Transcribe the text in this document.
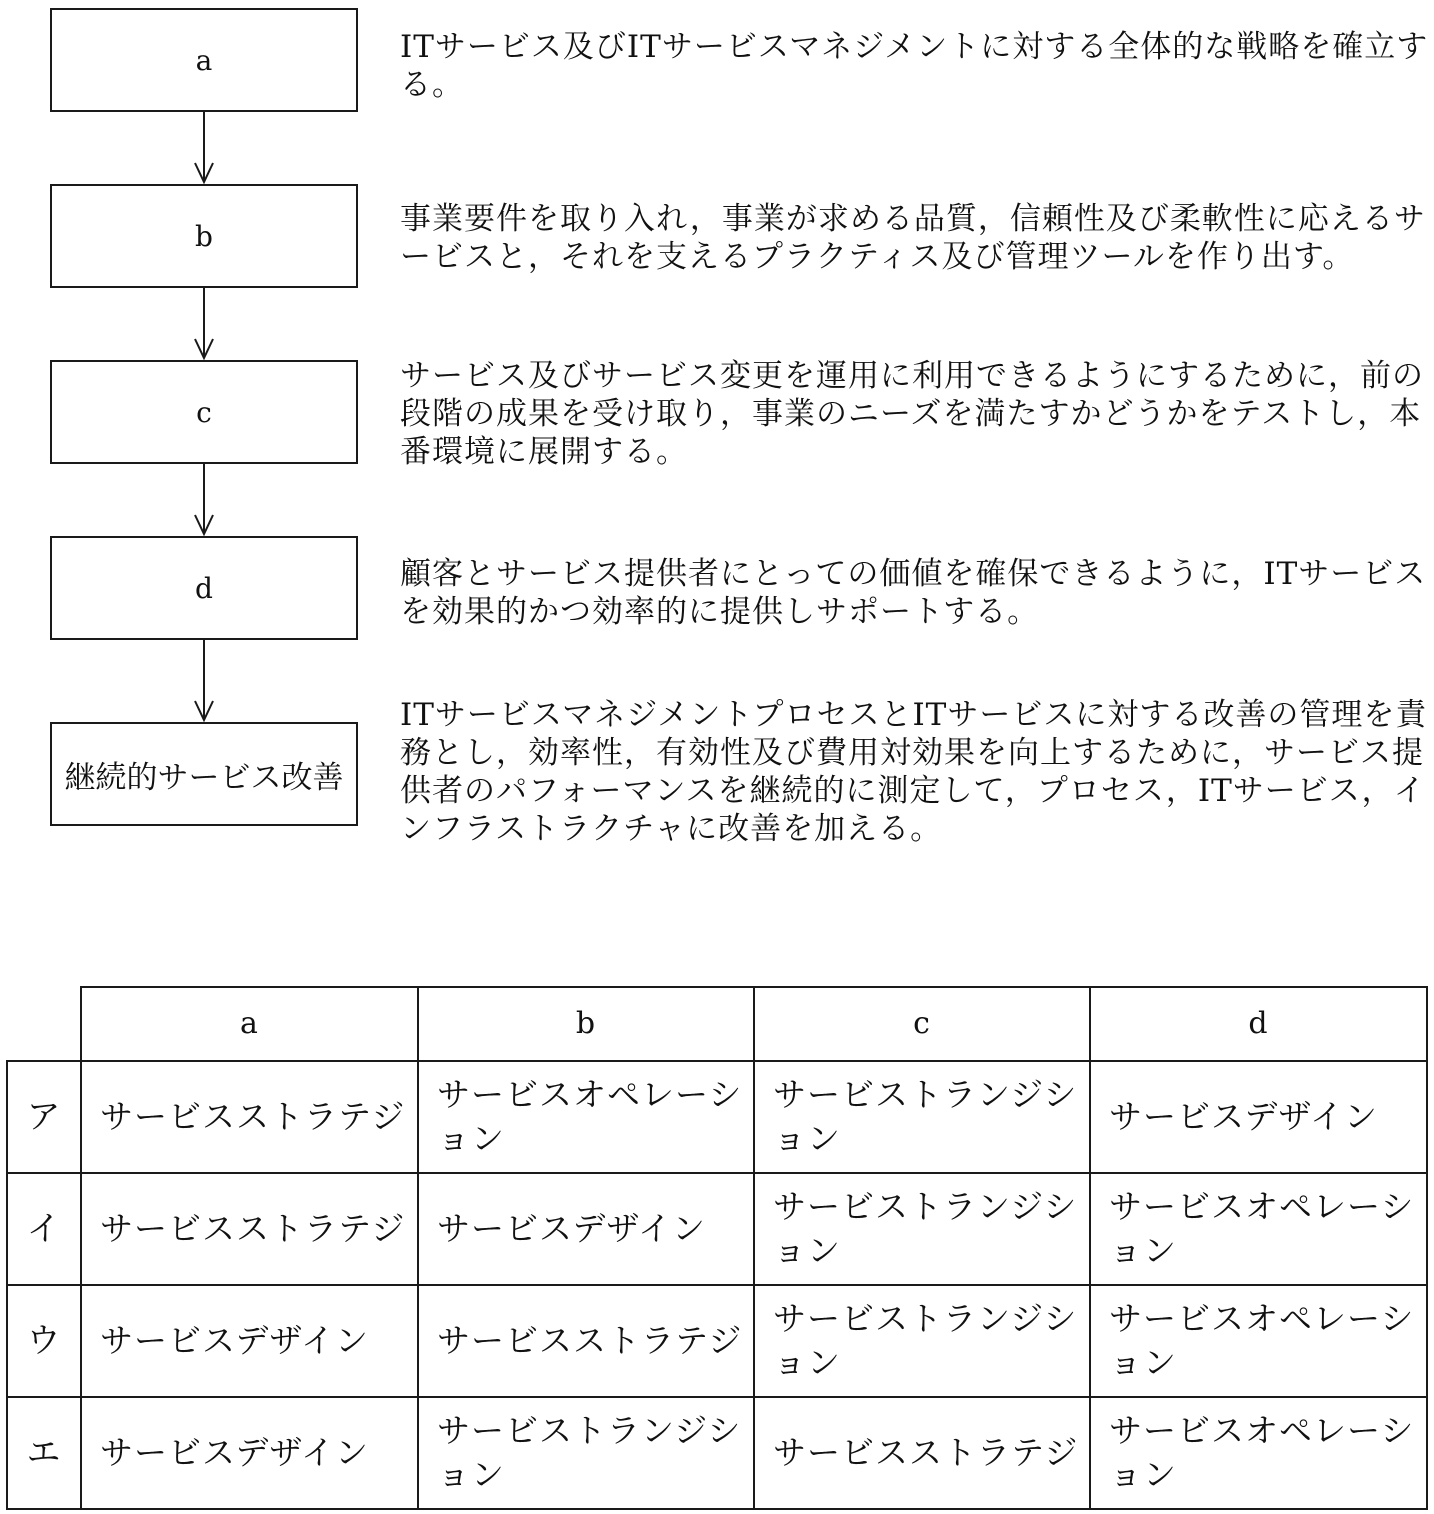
a
b
c
d
継続的サービス改善

ITサービス及びITサービスマネジメントに対する全体的な戦略を確立する。

事業要件を取り入れ，事業が求める品質，信頼性及び柔軟性に応えるサービスと，それを支えるプラクティス及び管理ツールを作り出す。

サービス及びサービス変更を運用に利用できるようにするために，前の段階の成果を受け取り，事業のニーズを満たすかどうかをテストし，本番環境に展開する。

顧客とサービス提供者にとっての価値を確保できるように，ITサービスを効果的かつ効率的に提供しサポートする。

ITサービスマネジメントプロセスとITサービスに対する改善の管理を責務とし，効率性，有効性及び費用対効果を向上するために，サービス提供者のパフォーマンスを継続的に測定して，プロセス，ITサービス，インフラストラクチャに改善を加える。

	a	b	c	d
ア	サービスストラテジ	サービスオペレーション	サービストランジション	サービスデザイン
イ	サービスストラテジ	サービスデザイン	サービストランジション	サービスオペレーション
ウ	サービスデザイン	サービスストラテジ	サービストランジション	サービスオペレーション
エ	サービスデザイン	サービストランジション	サービスストラテジ	サービスオペレーション
